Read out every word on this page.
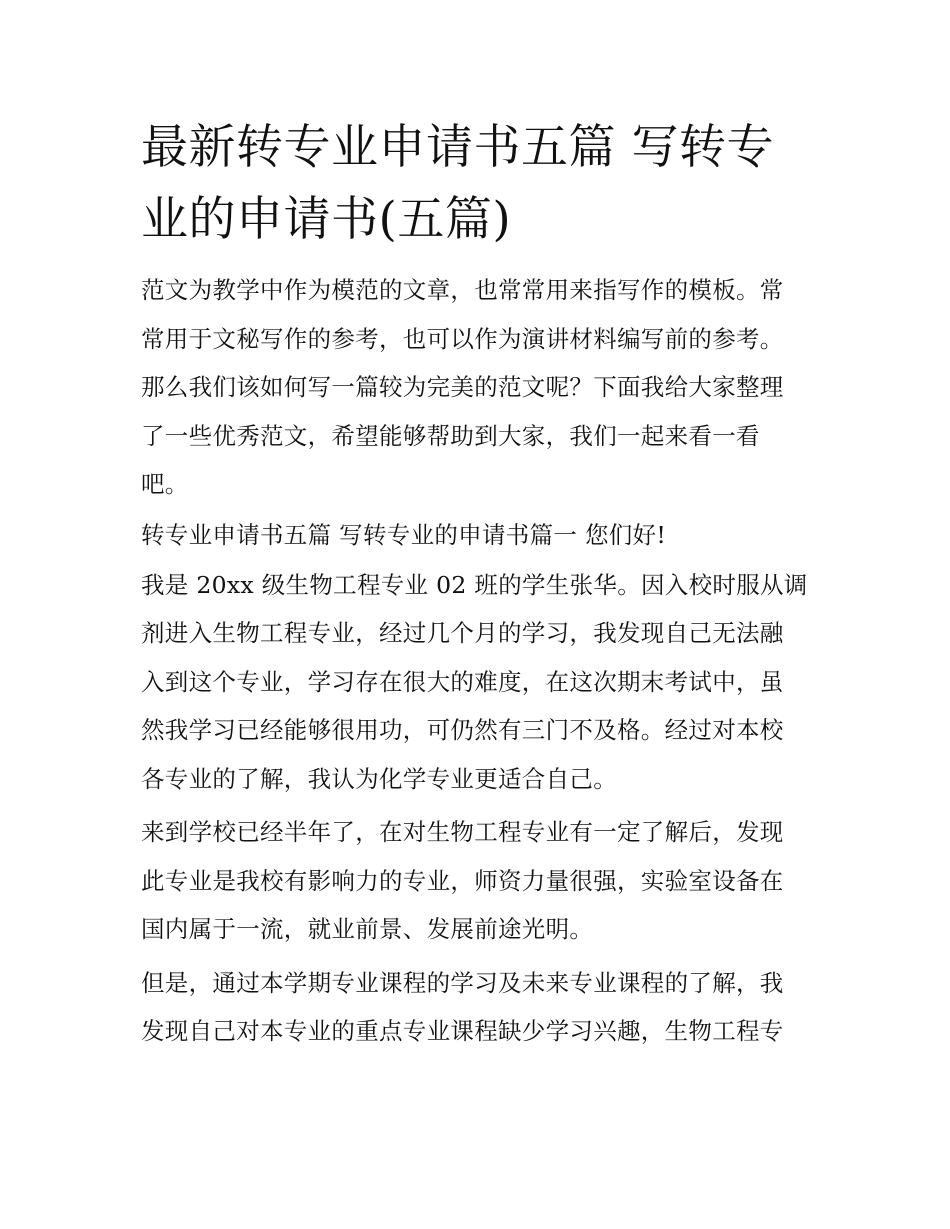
最新转专业申请书五篇 写转专
业的申请书(五篇)

范文为教学中作为模范的文章，也常常用来指写作的模板。常
常用于文秘写作的参考，也可以作为演讲材料编写前的参考。
那么我们该如何写一篇较为完美的范文呢？下面我给大家整理
了一些优秀范文，希望能够帮助到大家，我们一起来看一看
吧。

转专业申请书五篇 写转专业的申请书篇一 您们好!

我是 20xx 级生物工程专业 02 班的学生张华。因入校时服从调
剂进入生物工程专业，经过几个月的学习，我发现自己无法融
入到这个专业，学习存在很大的难度，在这次期末考试中，虽
然我学习已经能够很用功，可仍然有三门不及格。经过对本校
各专业的了解，我认为化学专业更适合自己。

来到学校已经半年了，在对生物工程专业有一定了解后，发现
此专业是我校有影响力的专业，师资力量很强，实验室设备在
国内属于一流，就业前景、发展前途光明。

但是，通过本学期专业课程的学习及未来专业课程的了解，我
发现自己对本专业的重点专业课程缺少学习兴趣，生物工程专
